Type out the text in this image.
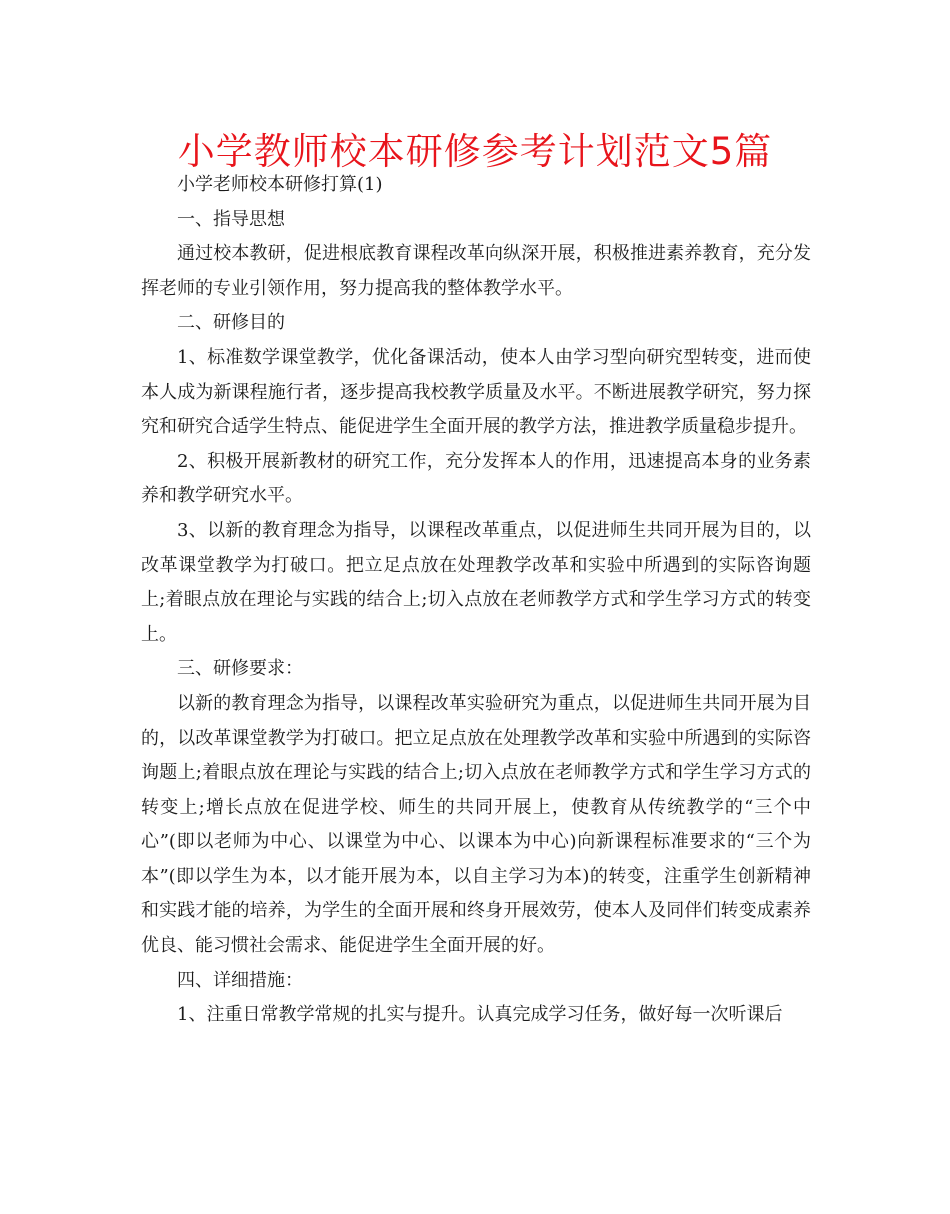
小学教师校本研修参考计划范文5篇

小学老师校本研修打算(1)

一、指导思想

通过校本教研，促进根底教育课程改革向纵深开展，积极推进素养教育，充分发挥老师的专业引领作用，努力提高我的整体教学水平。

二、研修目的

1、标准数学课堂教学，优化备课活动，使本人由学习型向研究型转变，进而使本人成为新课程施行者，逐步提高我校教学质量及水平。不断进展教学研究，努力探究和研究合适学生特点、能促进学生全面开展的教学方法，推进教学质量稳步提升。

2、积极开展新教材的研究工作，充分发挥本人的作用，迅速提高本身的业务素养和教学研究水平。

3、以新的教育理念为指导，以课程改革重点，以促进师生共同开展为目的，以改革课堂教学为打破口。把立足点放在处理教学改革和实验中所遇到的实际咨询题上;着眼点放在理论与实践的结合上;切入点放在老师教学方式和学生学习方式的转变上。

三、研修要求：

以新的教育理念为指导，以课程改革实验研究为重点，以促进师生共同开展为目的，以改革课堂教学为打破口。把立足点放在处理教学改革和实验中所遇到的实际咨询题上;着眼点放在理论与实践的结合上;切入点放在老师教学方式和学生学习方式的转变上;增长点放在促进学校、师生的共同开展上，使教育从传统教学的“三个中心”(即以老师为中心、以课堂为中心、以课本为中心)向新课程标准要求的“三个为本”(即以学生为本，以才能开展为本，以自主学习为本)的转变，注重学生创新精神和实践才能的培养，为学生的全面开展和终身开展效劳，使本人及同伴们转变成素养优良、能习惯社会需求、能促进学生全面开展的好。

四、详细措施：

1、注重日常教学常规的扎实与提升。认真完成学习任务，做好每一次听课后
